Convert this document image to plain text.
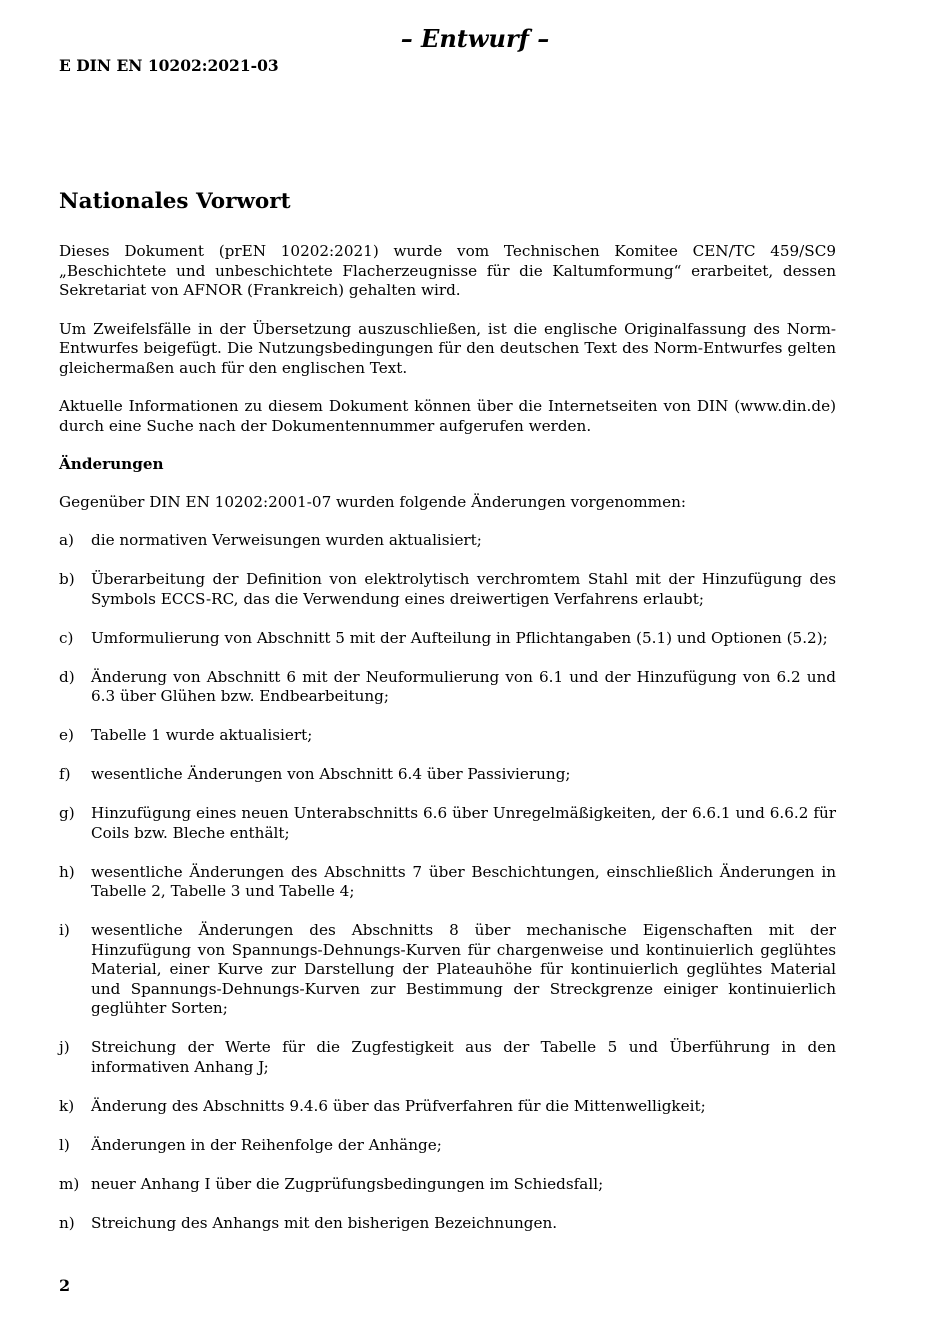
– Entwurf –
E DIN EN 10202:2021-03
Nationales Vorwort

Dieses Dokument (prEN 10202:2021) wurde vom Technischen Komitee CEN/TC 459/SC9 „Beschichtete und unbeschichtete Flacherzeugnisse für die Kaltumformung“ erarbeitet, dessen Sekretariat von AFNOR (Frankreich) gehalten wird.

Um Zweifelsfälle in der Übersetzung auszuschließen, ist die englische Originalfassung des Norm-Entwurfes beigefügt. Die Nutzungsbedingungen für den deutschen Text des Norm-Entwurfes gelten gleichermaßen auch für den englischen Text.

Aktuelle Informationen zu diesem Dokument können über die Internetseiten von DIN (www.din.de) durch eine Suche nach der Dokumentennummer aufgerufen werden.

Änderungen
Gegenüber DIN EN 10202:2001-07 wurden folgende Änderungen vorgenommen:
a) die normativen Verweisungen wurden aktualisiert;
b) Überarbeitung der Definition von elektrolytisch verchromtem Stahl mit der Hinzufügung des Symbols ECCS-RC, das die Verwendung eines dreiwertigen Verfahrens erlaubt;
c) Umformulierung von Abschnitt 5 mit der Aufteilung in Pflichtangaben (5.1) und Optionen (5.2);
d) Änderung von Abschnitt 6 mit der Neuformulierung von 6.1 und der Hinzufügung von 6.2 und 6.3 über Glühen bzw. Endbearbeitung;
e) Tabelle 1 wurde aktualisiert;
f) wesentliche Änderungen von Abschnitt 6.4 über Passivierung;
g) Hinzufügung eines neuen Unterabschnitts 6.6 über Unregelmäßigkeiten, der 6.6.1 und 6.6.2 für Coils bzw. Bleche enthält;
h) wesentliche Änderungen des Abschnitts 7 über Beschichtungen, einschließlich Änderungen in Tabelle 2, Tabelle 3 und Tabelle 4;
i) wesentliche Änderungen des Abschnitts 8 über mechanische Eigenschaften mit der Hinzufügung von Spannungs-Dehnungs-Kurven für chargenweise und kontinuierlich geglühtes Material, einer Kurve zur Darstellung der Plateauhöhe für kontinuierlich geglühtes Material und Spannungs-Dehnungs-Kurven zur Bestimmung der Streckgrenze einiger kontinuierlich geglühter Sorten;
j) Streichung der Werte für die Zugfestigkeit aus der Tabelle 5 und Überführung in den informativen Anhang J;
k) Änderung des Abschnitts 9.4.6 über das Prüfverfahren für die Mittenwelligkeit;
l) Änderungen in der Reihenfolge der Anhänge;
m) neuer Anhang I über die Zugprüfungsbedingungen im Schiedsfall;
n) Streichung des Anhangs mit den bisherigen Bezeichnungen.
2
